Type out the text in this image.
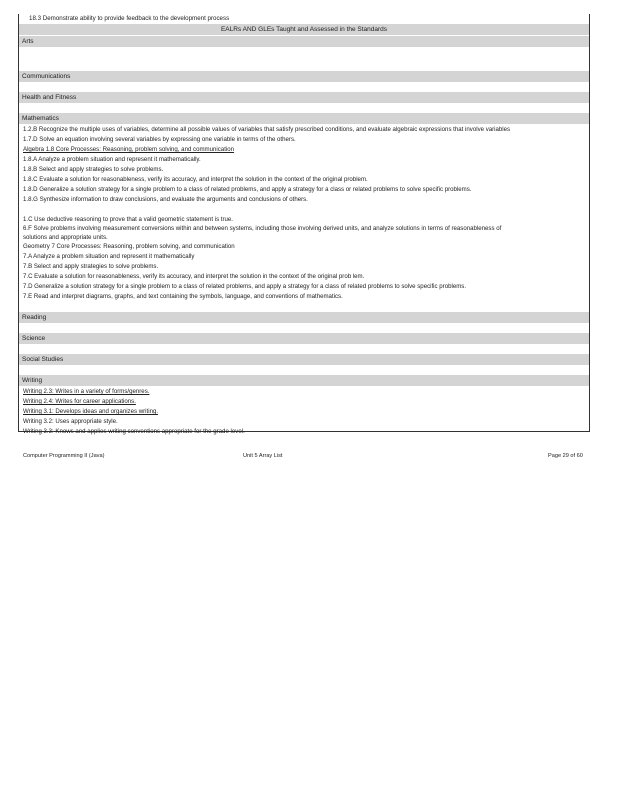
18.3 Demonstrate ability to provide feedback to the development process
EALRs AND GLEs Taught and Assessed in the Standards
Arts
Communications
Health and Fitness
Mathematics
1.2.B Recognize the multiple uses of variables, determine all possible values of variables that satisfy prescribed conditions, and evaluate algebraic expressions that involve variables
1.7.D Solve an equation involving several variables by expressing one variable in terms of the others.
Algebra 1.8 Core Processes: Reasoning, problem solving, and communication
1.8.A Analyze a problem situation and represent it mathematically.
1.8.B Select and apply strategies to solve problems.
1.8.C Evaluate a solution for reasonableness, verify its accuracy, and interpret the solution in the context of the original problem.
1.8.D Generalize a solution strategy for a single problem to a class of related problems, and apply a strategy for a class or related problems to solve specific problems.
1.8.G Synthesize information to draw conclusions, and evaluate the arguments and conclusions of others.
1.C Use deductive reasoning to prove that a valid geometric statement is true.
6.F Solve problems involving measurement conversions within and between systems, including those involving derived units, and analyze solutions in terms of reasonableness of
solutions and appropriate units.
Geometry 7 Core Processes: Reasoning, problem solving, and communication
7.A Analyze a problem situation and represent it mathematically
7.B Select and apply strategies to solve problems.
7.C Evaluate a solution for reasonableness, verify its accuracy, and interpret the solution in the context of the original prob lem.
7.D Generalize a solution strategy for a single problem to a class of related problems, and apply a strategy for a class of related problems to solve specific problems.
7.E Read and interpret diagrams, graphs, and text containing the symbols, language, and conventions of mathematics.
Reading
Science
Social Studies
Writing
Writing 2.3: Writes in a variety of forms/genres.
Writing 2.4: Writes for career applications.
Writing 3.1: Develops ideas and organizes writing.
Writing 3.2: Uses appropriate style.
Writing 3.3: Knows and applies writing conventions appropriate for the grade level.
Computer Programming II (Java)	Unit 5 Array List	Page 29 of 60
